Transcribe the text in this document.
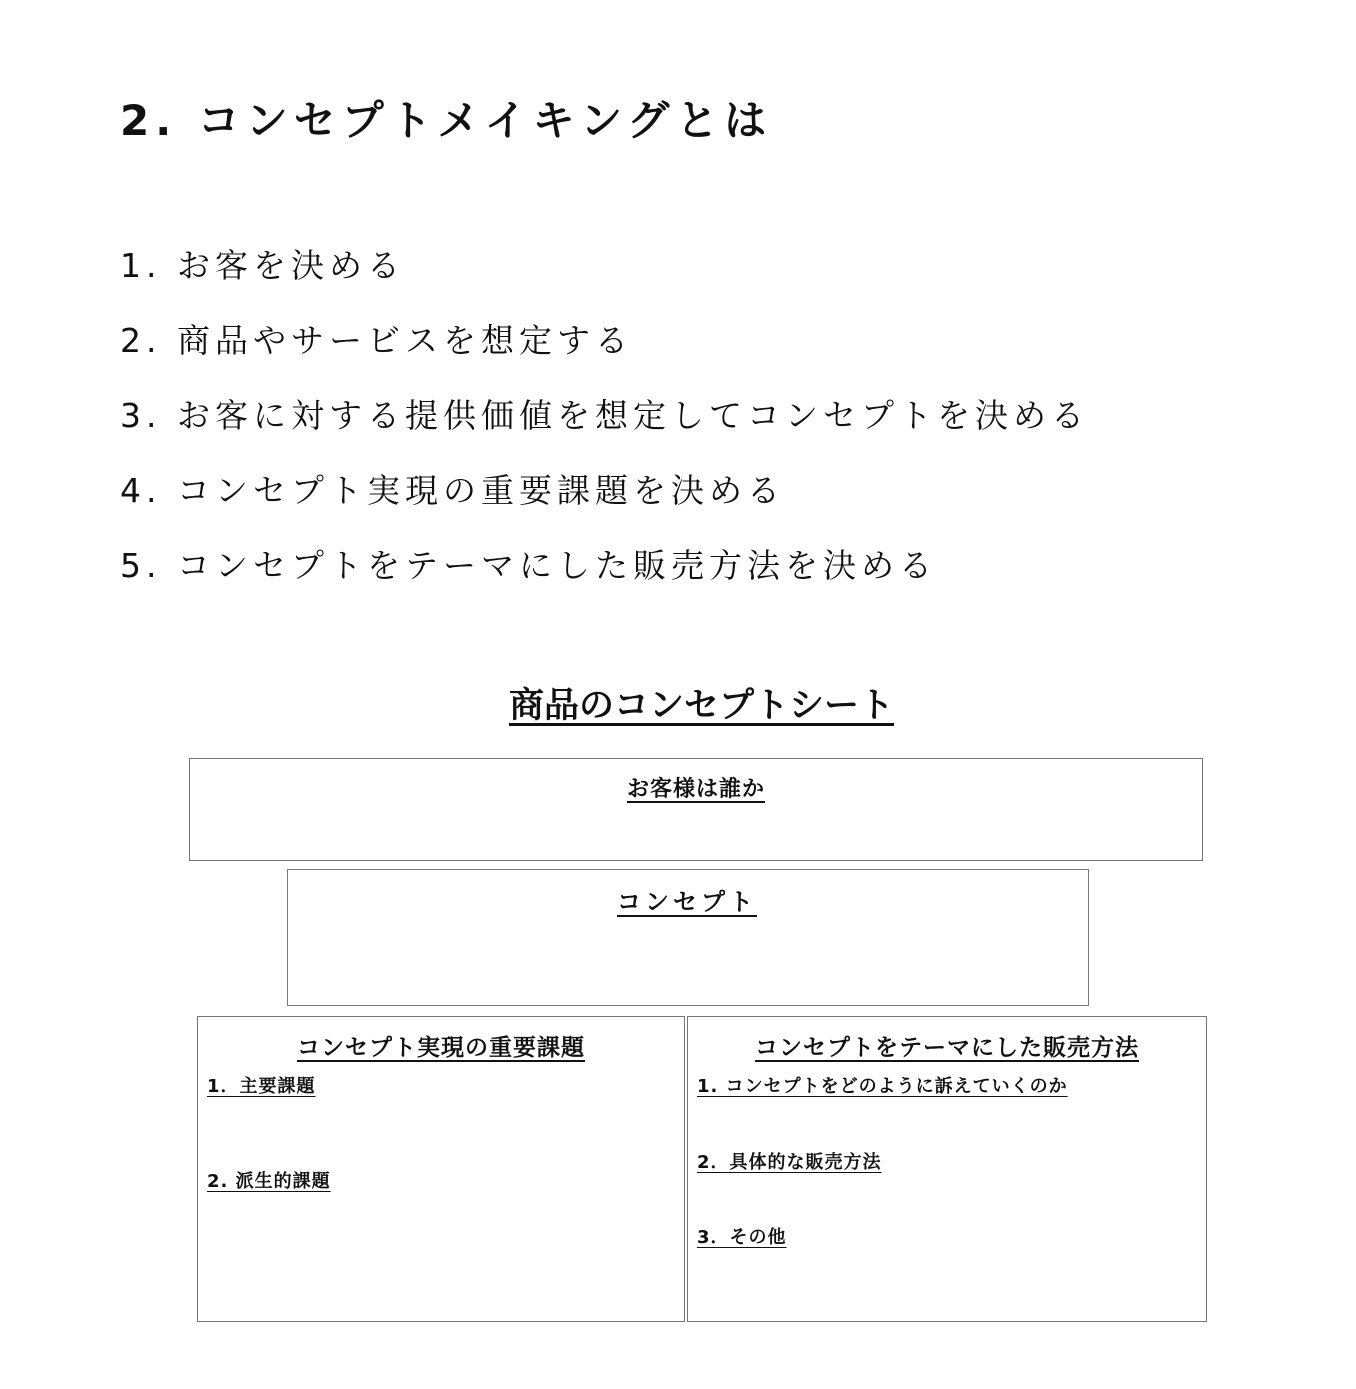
2. コンセプトメイキングとは
1. お客を決める
2. 商品やサービスを想定する
3. お客に対する提供価値を想定してコンセプトを決める
4. コンセプト実現の重要課題を決める
5. コンセプトをテーマにした販売方法を決める
商品のコンセプトシート

お客様は誰か

コンセプト

コンセプト実現の重要課題

1．主要課題

2. 派生的課題

コンセプトをテーマにした販売方法

1. コンセプトをどのように訴えていくのか

2．具体的な販売方法

3．その他
